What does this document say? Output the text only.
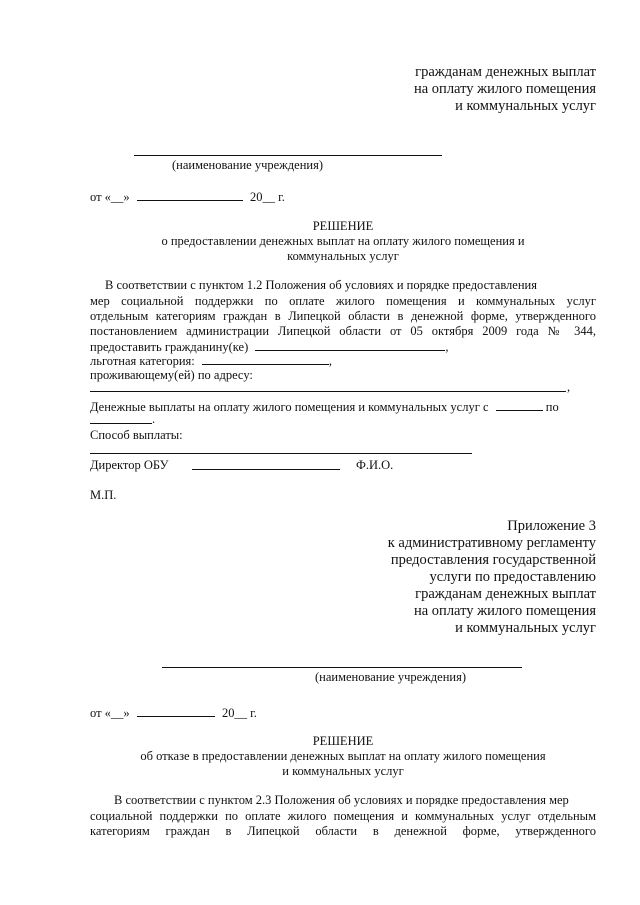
гражданам денежных выплат
на оплату жилого помещения
и коммунальных услуг
(наименование учреждения)
от «__»	20__ г.
РЕШЕНИЕ
о предоставлении денежных выплат на оплату жилого помещения и
коммунальных услуг
В соответствии с пунктом 1.2 Положения об условиях и порядке предоставления
мер социальной поддержки по оплате жилого помещения и коммунальных услуг
отдельным категориям граждан в Липецкой области в денежной форме, утвержденного
постановлением администрации Липецкой области от 05 октября 2009 года № 344,
предоставить гражданину(ке)	,
льготная категория:	,
проживающему(ей) по адресу:
,
Денежные выплаты на оплату жилого помещения и коммунальных услуг с	по
.
Способ выплаты:
Директор ОБУ	Ф.И.О.
М.П.
Приложение 3
к административному регламенту
предоставления государственной
услуги по предоставлению
гражданам денежных выплат
на оплату жилого помещения
и коммунальных услуг
(наименование учреждения)
от «__»	20__ г.
РЕШЕНИЕ
об отказе в предоставлении денежных выплат на оплату жилого помещения
и коммунальных услуг
В соответствии с пунктом 2.3 Положения об условиях и порядке предоставления мер
социальной поддержки по оплате жилого помещения и коммунальных услуг отдельным
категориям граждан в Липецкой области в денежной форме, утвержденного
